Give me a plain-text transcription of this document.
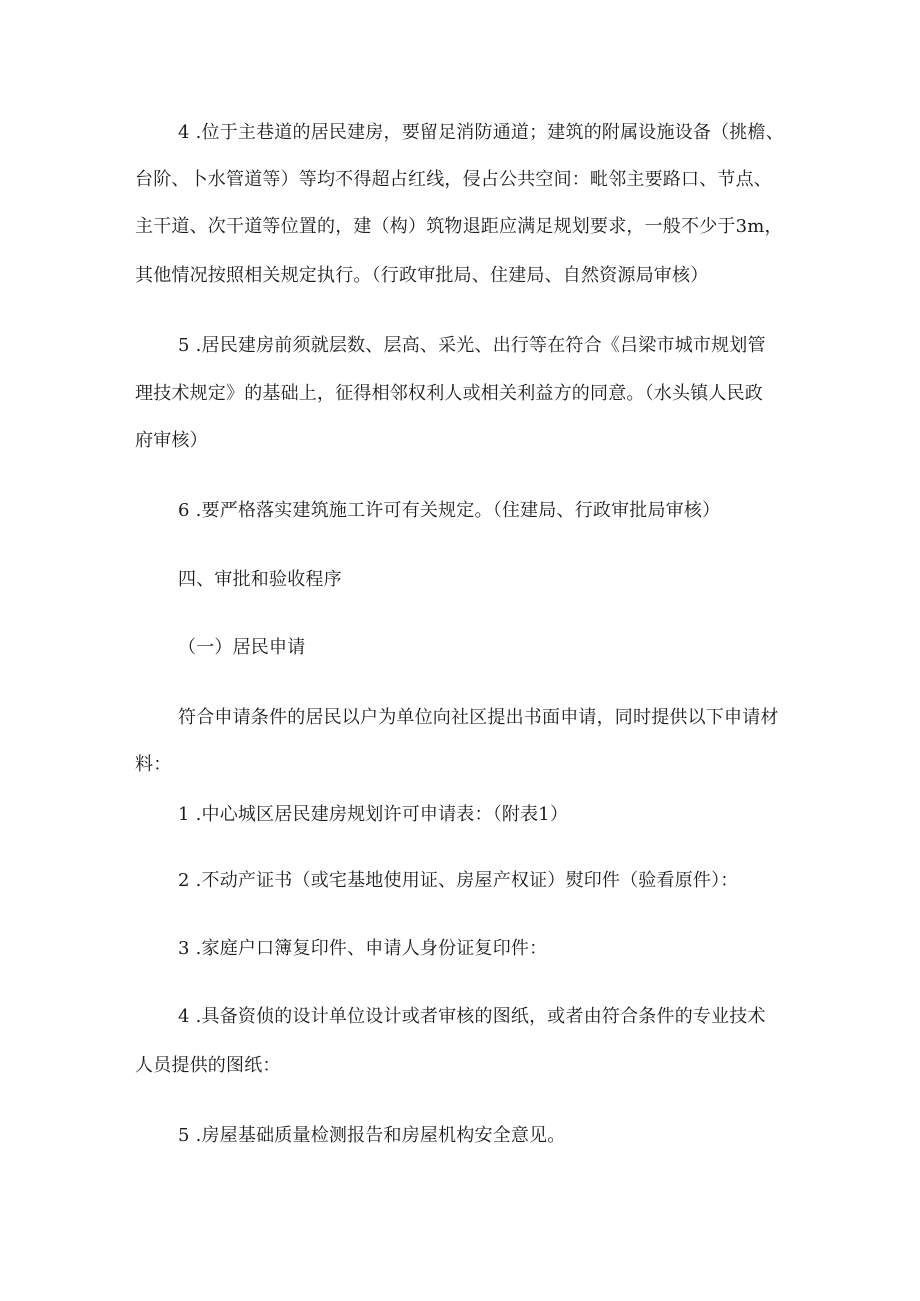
4 .位于主巷道的居民建房，要留足消防通道；建筑的附属设施设备（挑檐、
台阶、卜水管道等）等均不得超占红线，侵占公共空间：毗邻主要路口、节点、
主干道、次干道等位置的，建（构）筑物退距应满足规划要求，一般不少于3m，
其他情况按照相关规定执行。（行政审批局、住建局、自然资源局审核）
5 .居民建房前须就层数、层高、采光、出行等在符合《吕梁市城市规划管
理技术规定》的基础上，征得相邻权利人或相关利益方的同意。（水头镇人民政
府审核）
6 .要严格落实建筑施工许可有关规定。（住建局、行政审批局审核）
四、审批和验收程序
（一）居民申请
符合申请条件的居民以户为单位向社区提出书面申请，同时提供以下申请材
料：
1 .中心城区居民建房规划许可申请表：（附表1）
2 .不动产证书（或宅基地使用证、房屋产权证）熨印件（验看原件）：
3 .家庭户口簿复印件、申请人身份证复印件：
4 .具备资侦的设计单位设计或者审核的图纸，或者由符合条件的专业技术
人员提供的图纸：
5 .房屋基础质量检测报告和房屋机构安全意见。
